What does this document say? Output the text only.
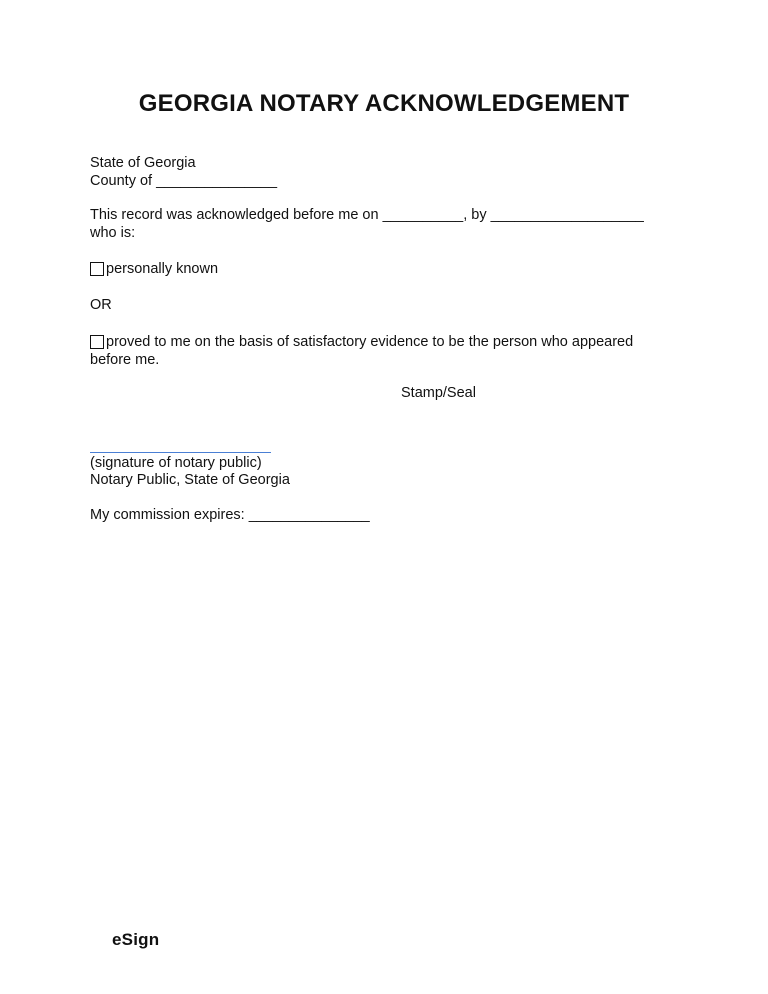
GEORGIA NOTARY ACKNOWLEDGEMENT
State of Georgia
County of _______________
This record was acknowledged before me on __________, by ___________________
who is:
personally known
OR
proved to me on the basis of satisfactory evidence to be the person who appeared
before me.
Stamp/Seal
(signature of notary public)
Notary Public, State of Georgia
My commission expires: _______________
eSign
